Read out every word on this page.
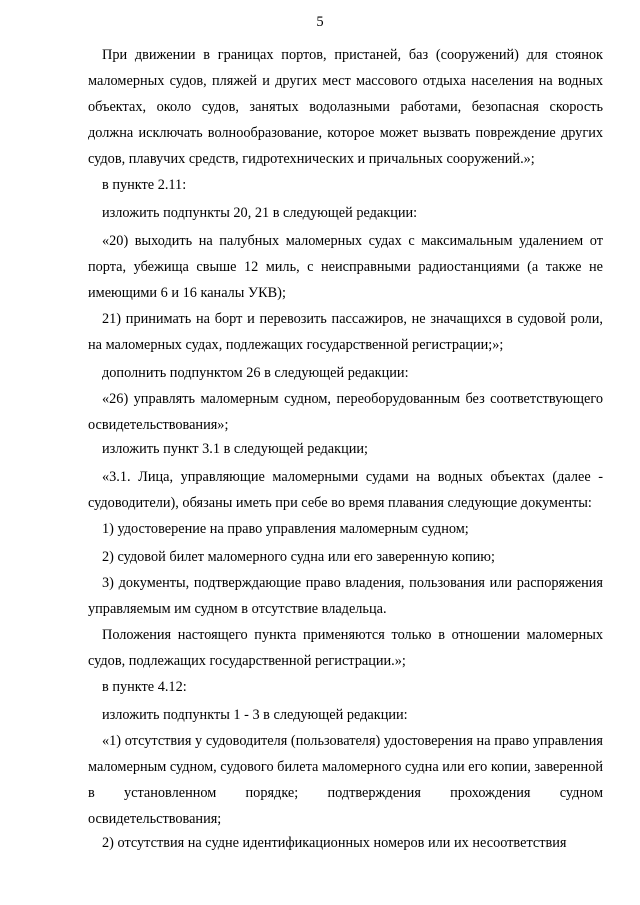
5

При движении в границах портов, пристаней, баз (сооружений) для стоянок маломерных судов, пляжей и других мест массового отдыха населения на водных объектах, около судов, занятых водолазными работами, безопасная скорость должна исключать волнообразование, которое может вызвать повреждение других судов, плавучих средств, гидротехнических и причальных сооружений.»;

в пункте 2.11:

изложить подпункты 20, 21 в следующей редакции:

«20) выходить на палубных маломерных судах с максимальным удалением от порта, убежища свыше 12 миль, с неисправными радиостанциями (а также не имеющими 6 и 16 каналы УКВ);

21) принимать на борт и перевозить пассажиров, не значащихся в судовой роли, на маломерных судах, подлежащих государственной регистрации;»;

дополнить подпунктом 26 в следующей редакции:

«26) управлять маломерным судном, переоборудованным без соответствующего освидетельствования»;

изложить пункт 3.1 в следующей редакции;

«3.1. Лица, управляющие маломерными судами на водных объектах (далее - судоводители), обязаны иметь при себе во время плавания следующие документы:

1) удостоверение на право управления маломерным судном;

2) судовой билет маломерного судна или его заверенную копию;

3) документы, подтверждающие право владения, пользования или распоряжения управляемым им судном в отсутствие владельца.

Положения настоящего пункта применяются только в отношении маломерных судов, подлежащих государственной регистрации.»;

в пункте 4.12:

изложить подпункты 1 - 3 в следующей редакции:

«1) отсутствия у судоводителя (пользователя) удостоверения на право управления маломерным судном, судового билета маломерного судна или его копии, заверенной в установленном порядке; подтверждения прохождения судном освидетельствования;

2) отсутствия на судне идентификационных номеров или их несоответствия
